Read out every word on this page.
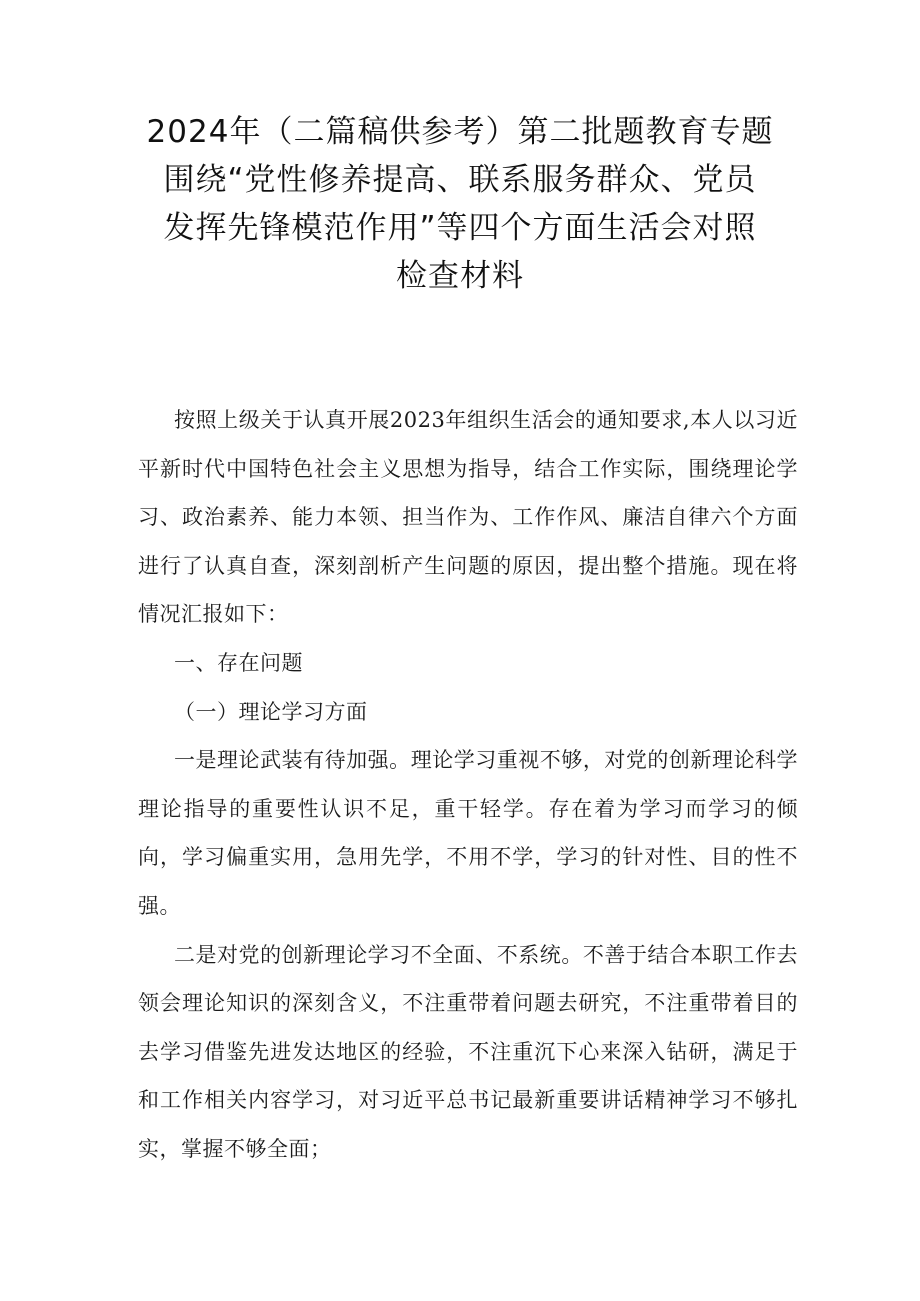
2024年（二篇稿供参考）第二批题教育专题
围绕“党性修养提高、联系服务群众、党员
发挥先锋模范作用”等四个方面生活会对照
检查材料

按照上级关于认真开展2023年组织生活会的通知要求,本人以习近平新时代中国特色社会主义思想为指导，结合工作实际，围绕理论学习、政治素养、能力本领、担当作为、工作作风、廉洁自律六个方面进行了认真自查，深刻剖析产生问题的原因，提出整个措施。现在将情况汇报如下：

一、存在问题

（一）理论学习方面

一是理论武装有待加强。理论学习重视不够，对党的创新理论科学理论指导的重要性认识不足，重干轻学。存在着为学习而学习的倾向，学习偏重实用，急用先学，不用不学，学习的针对性、目的性不强。

二是对党的创新理论学习不全面、不系统。不善于结合本职工作去领会理论知识的深刻含义，不注重带着问题去研究，不注重带着目的去学习借鉴先进发达地区的经验，不注重沉下心来深入钻研，满足于和工作相关内容学习，对习近平总书记最新重要讲话精神学习不够扎实，掌握不够全面；
